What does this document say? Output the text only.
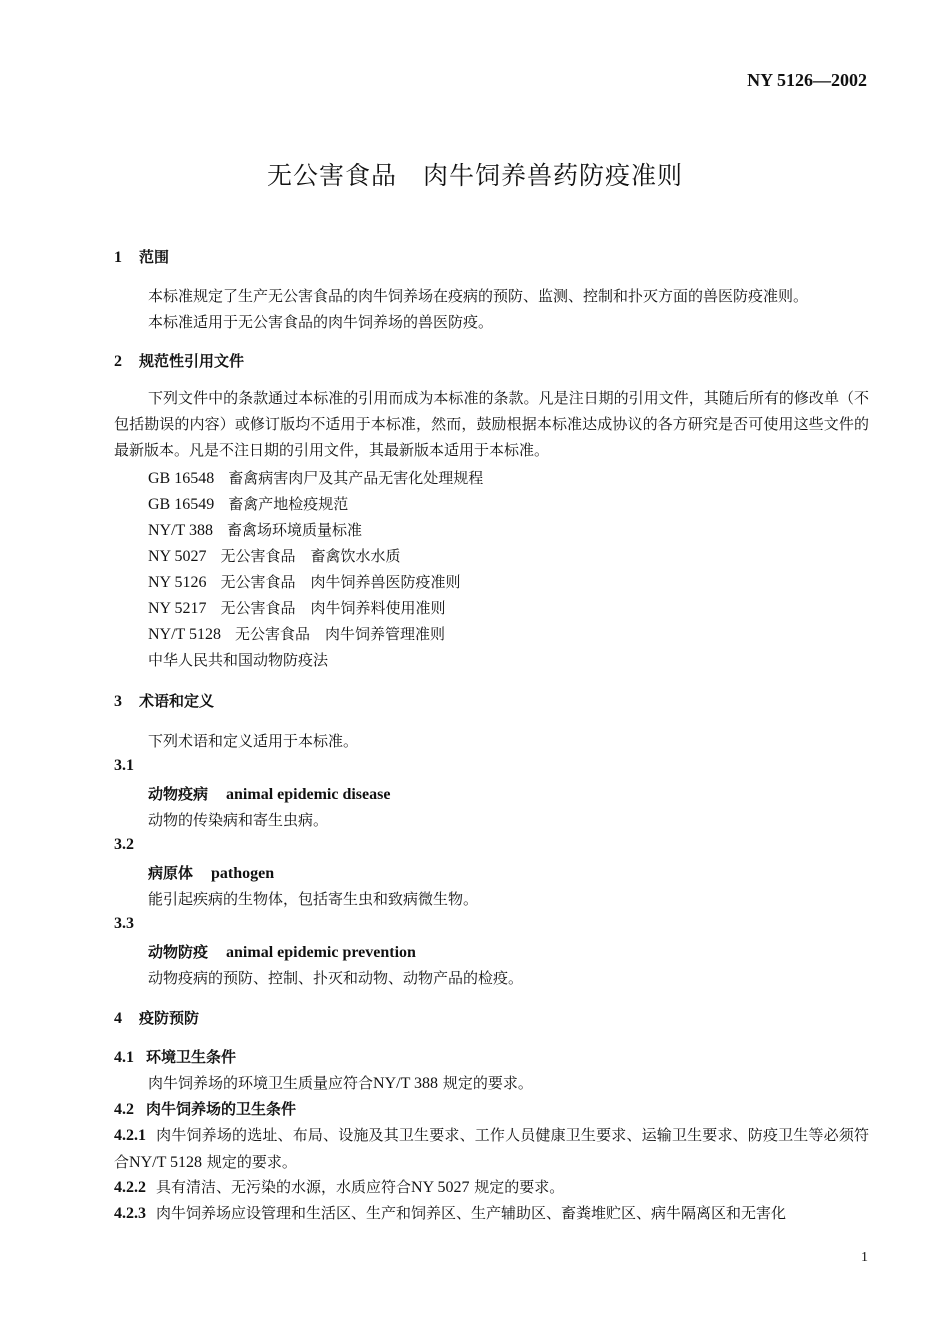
NY 5126—2002
无公害食品　肉牛饲养兽药防疫准则
1 范围
本标准规定了生产无公害食品的肉牛饲养场在疫病的预防、监测、控制和扑灭方面的兽医防疫准则。
本标准适用于无公害食品的肉牛饲养场的兽医防疫。
2 规范性引用文件
下列文件中的条款通过本标准的引用而成为本标准的条款。凡是注日期的引用文件，其随后所有的修改单（不包括勘误的内容）或修订版均不适用于本标准，然而，鼓励根据本标准达成协议的各方研究是否可使用这些文件的最新版本。凡是不注日期的引用文件，其最新版本适用于本标准。
GB 16548 畜禽病害肉尸及其产品无害化处理规程
GB 16549 畜禽产地检疫规范
NY/T 388 畜禽场环境质量标准
NY 5027 无公害食品　畜禽饮水水质
NY 5126 无公害食品　肉牛饲养兽医防疫准则
NY 5217 无公害食品　肉牛饲养料使用准则
NY/T 5128 无公害食品　肉牛饲养管理准则
中华人民共和国动物防疫法
3 术语和定义
下列术语和定义适用于本标准。
3.1
动物疫病 animal epidemic disease
动物的传染病和寄生虫病。
3.2
病原体 pathogen
能引起疾病的生物体，包括寄生虫和致病微生物。
3.3
动物防疫 animal epidemic prevention
动物疫病的预防、控制、扑灭和动物、动物产品的检疫。
4 疫防预防
4.1 环境卫生条件
肉牛饲养场的环境卫生质量应符合NY/T 388 规定的要求。
4.2 肉牛饲养场的卫生条件
4.2.1 肉牛饲养场的选址、布局、设施及其卫生要求、工作人员健康卫生要求、运输卫生要求、防疫卫生等必须符合NY/T 5128 规定的要求。
4.2.2 具有清洁、无污染的水源，水质应符合NY 5027 规定的要求。
4.2.3 肉牛饲养场应设管理和生活区、生产和饲养区、生产辅助区、畜粪堆贮区、病牛隔离区和无害化
1
